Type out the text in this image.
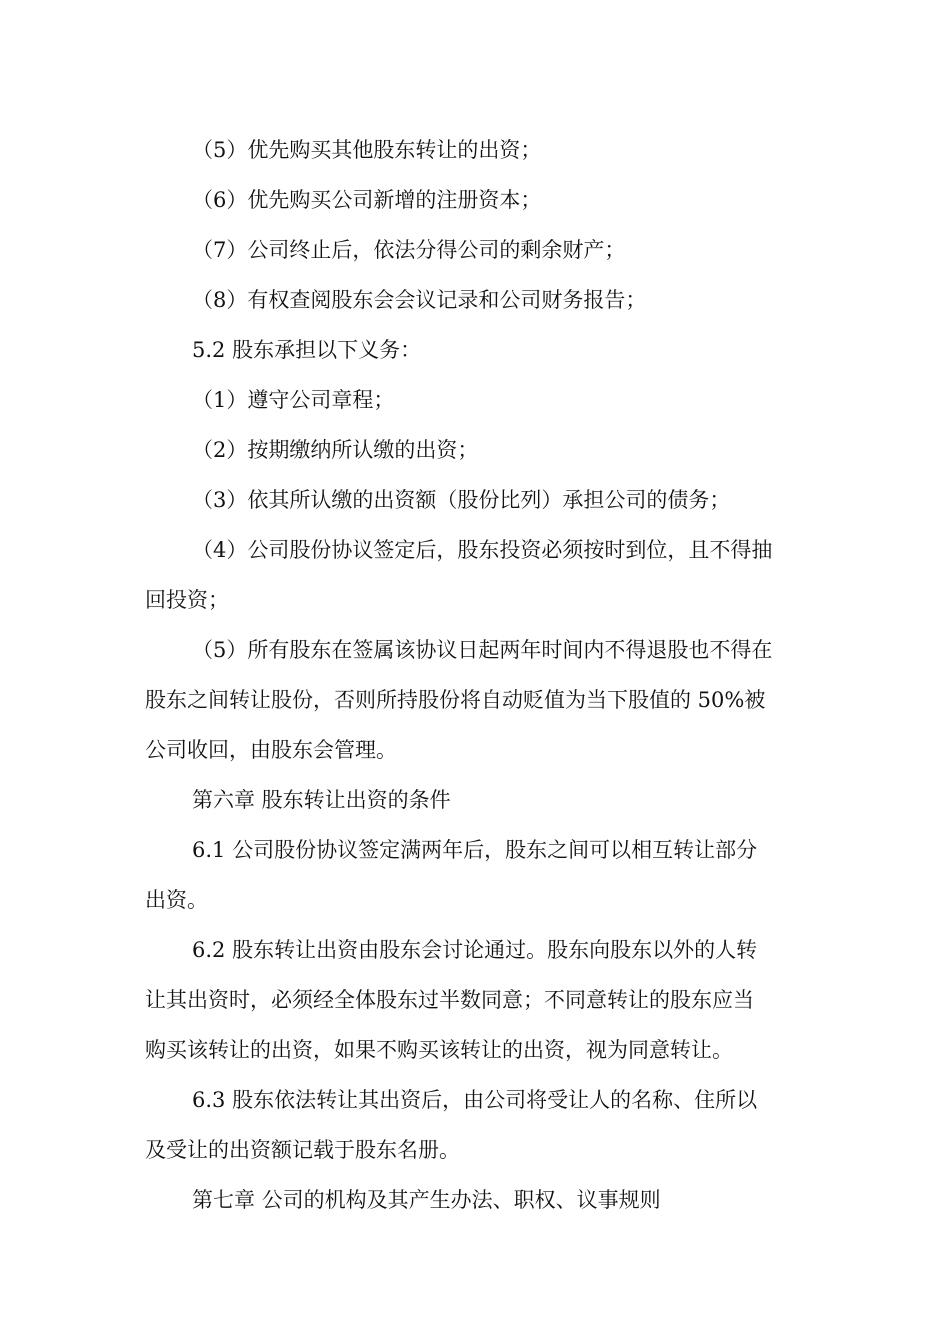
（5）优先购买其他股东转让的出资；
（6）优先购买公司新增的注册资本；
（7）公司终止后，依法分得公司的剩余财产；
（8）有权查阅股东会会议记录和公司财务报告；
5.2 股东承担以下义务：
（1）遵守公司章程；
（2）按期缴纳所认缴的出资；
（3）依其所认缴的出资额（股份比列）承担公司的债务；
（4）公司股份协议签定后，股东投资必须按时到位，且不得抽
回投资；
（5）所有股东在签属该协议日起两年时间内不得退股也不得在
股东之间转让股份，否则所持股份将自动贬值为当下股值的 50%被
公司收回，由股东会管理。
第六章 股东转让出资的条件
6.1 公司股份协议签定满两年后，股东之间可以相互转让部分
出资。
6.2 股东转让出资由股东会讨论通过。股东向股东以外的人转
让其出资时，必须经全体股东过半数同意；不同意转让的股东应当
购买该转让的出资，如果不购买该转让的出资，视为同意转让。
6.3 股东依法转让其出资后，由公司将受让人的名称、住所以
及受让的出资额记载于股东名册。
第七章 公司的机构及其产生办法、职权、议事规则
